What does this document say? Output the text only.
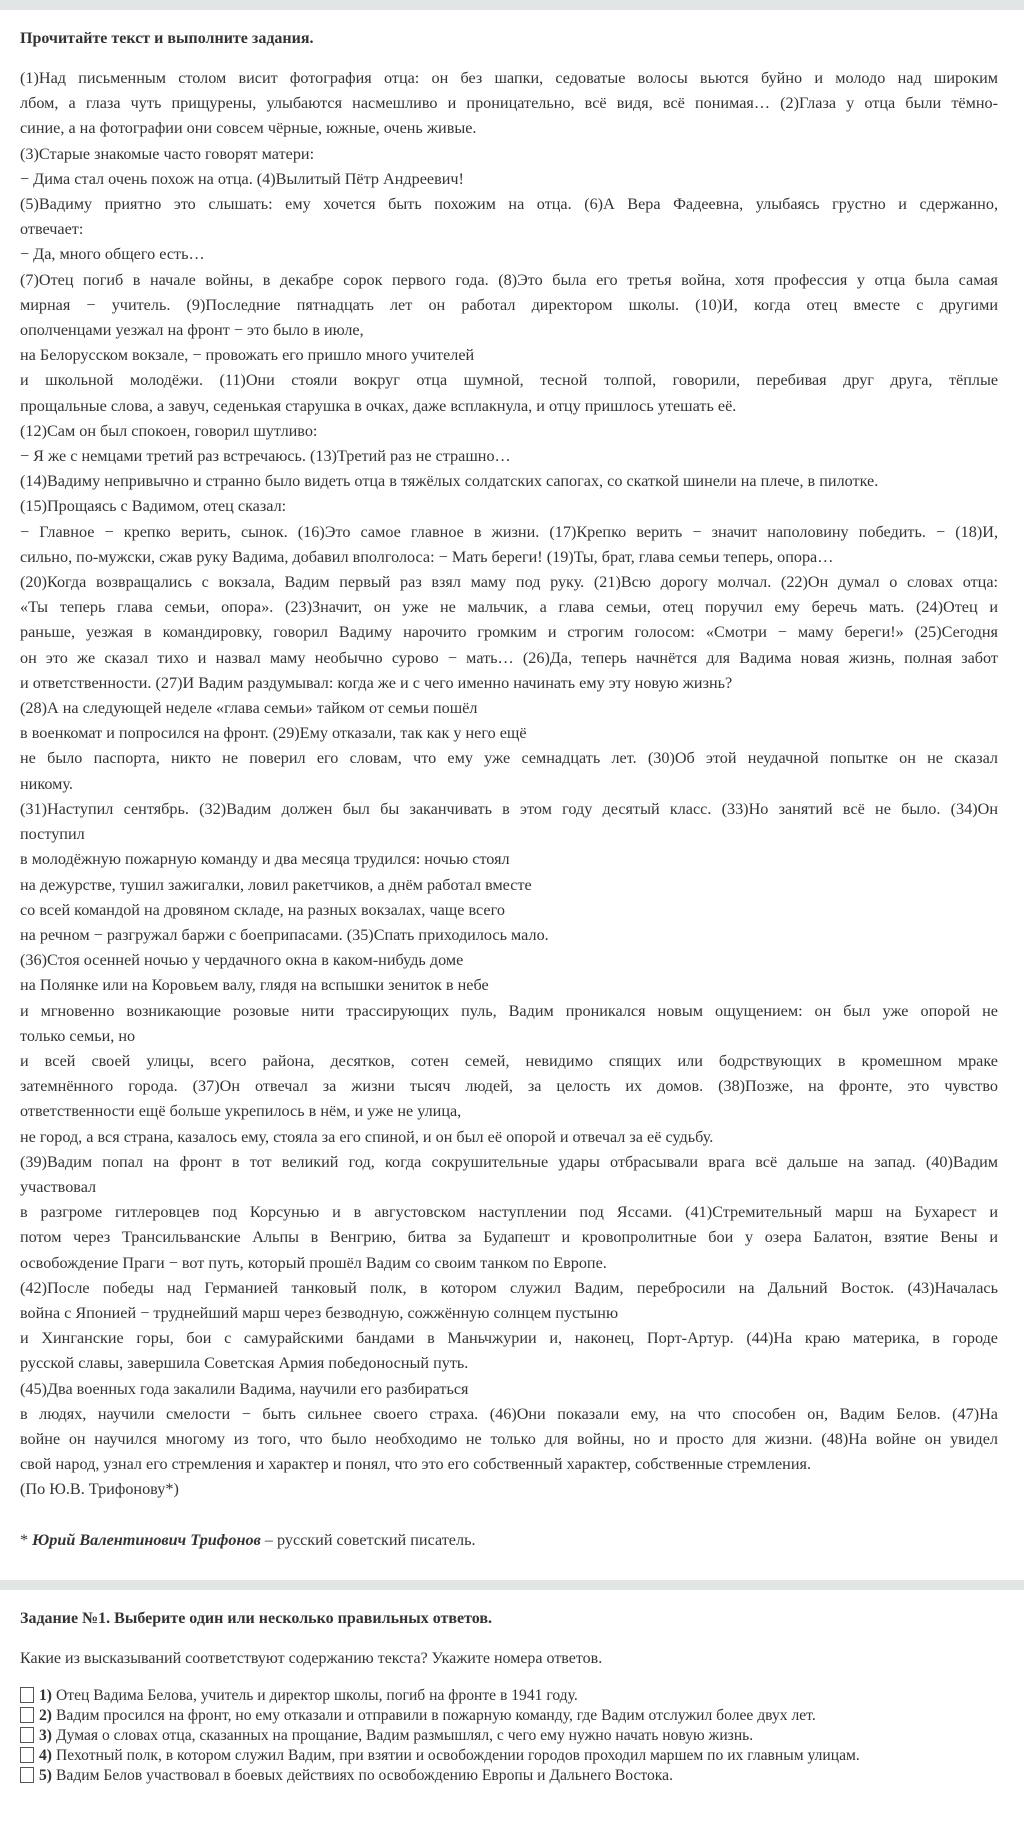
Прочитайте текст и выполните задания.

(1)Над письменным столом висит фотография отца: он без шапки, седоватые волосы вьются буйно и молодо над широким
лбом, а глаза чуть прищурены, улыбаются насмешливо и проницательно, всё видя, всё понимая… (2)Глаза у отца были тёмно-
синие, а на фотографии они совсем чёрные, южные, очень живые.
(3)Старые знакомые часто говорят матери:
− Дима стал очень похож на отца. (4)Вылитый Пётр Андреевич!
(5)Вадиму приятно это слышать: ему хочется быть похожим на отца. (6)А Вера Фадеевна, улыбаясь грустно и сдержанно,
отвечает:
− Да, много общего есть…
(7)Отец погиб в начале войны, в декабре сорок первого года. (8)Это была его третья война, хотя профессия у отца была самая
мирная − учитель. (9)Последние пятнадцать лет он работал директором школы. (10)И, когда отец вместе с другими
ополченцами уезжал на фронт − это было в июле,
на Белорусском вокзале, − провожать его пришло много учителей
и школьной молодёжи. (11)Они стояли вокруг отца шумной, тесной толпой, говорили, перебивая друг друга, тёплые
прощальные слова, а завуч, седенькая старушка в очках, даже всплакнула, и отцу пришлось утешать её.
(12)Сам он был спокоен, говорил шутливо:
− Я же с немцами третий раз встречаюсь. (13)Третий раз не страшно…
(14)Вадиму непривычно и странно было видеть отца в тяжёлых солдатских сапогах, со скаткой шинели на плече, в пилотке.
(15)Прощаясь с Вадимом, отец сказал:
− Главное − крепко верить, сынок. (16)Это самое главное в жизни. (17)Крепко верить − значит наполовину победить. − (18)И,
сильно, по-мужски, сжав руку Вадима, добавил вполголоса: − Мать береги! (19)Ты, брат, глава семьи теперь, опора…
(20)Когда возвращались с вокзала, Вадим первый раз взял маму под руку. (21)Всю дорогу молчал. (22)Он думал о словах отца:
«Ты теперь глава семьи, опора». (23)Значит, он уже не мальчик, а глава семьи, отец поручил ему беречь мать. (24)Отец и
раньше, уезжая в командировку, говорил Вадиму нарочито громким и строгим голосом: «Смотри − маму береги!» (25)Сегодня
он это же сказал тихо и назвал маму необычно сурово − мать… (26)Да, теперь начнётся для Вадима новая жизнь, полная забот
и ответственности. (27)И Вадим раздумывал: когда же и с чего именно начинать ему эту новую жизнь?
(28)А на следующей неделе «глава семьи» тайком от семьи пошёл
в военкомат и попросился на фронт. (29)Ему отказали, так как у него ещё
не было паспорта, никто не поверил его словам, что ему уже семнадцать лет. (30)Об этой неудачной попытке он не сказал
никому.
(31)Наступил сентябрь. (32)Вадим должен был бы заканчивать в этом году десятый класс. (33)Но занятий всё не было. (34)Он
поступил
в молодёжную пожарную команду и два месяца трудился: ночью стоял
на дежурстве, тушил зажигалки, ловил ракетчиков, а днём работал вместе
со всей командой на дровяном складе, на разных вокзалах, чаще всего
на речном − разгружал баржи с боеприпасами. (35)Спать приходилось мало.
(36)Стоя осенней ночью у чердачного окна в каком-нибудь доме
на Полянке или на Коровьем валу, глядя на вспышки зениток в небе
и мгновенно возникающие розовые нити трассирующих пуль, Вадим проникался новым ощущением: он был уже опорой не
только семьи, но
и всей своей улицы, всего района, десятков, сотен семей, невидимо спящих или бодрствующих в кромешном мраке
затемнённого города. (37)Он отвечал за жизни тысяч людей, за целость их домов. (38)Позже, на фронте, это чувство
ответственности ещё больше укрепилось в нём, и уже не улица,
не город, а вся страна, казалось ему, стояла за его спиной, и он был её опорой и отвечал за её судьбу.
(39)Вадим попал на фронт в тот великий год, когда сокрушительные удары отбрасывали врага всё дальше на запад. (40)Вадим
участвовал
в разгроме гитлеровцев под Корсунью и в августовском наступлении под Яссами. (41)Стремительный марш на Бухарест и
потом через Трансильванские Альпы в Венгрию, битва за Будапешт и кровопролитные бои у озера Балатон, взятие Вены и
освобождение Праги − вот путь, который прошёл Вадим со своим танком по Европе.
(42)После победы над Германией танковый полк, в котором служил Вадим, перебросили на Дальний Восток. (43)Началась
война с Японией − труднейший марш через безводную, сожжённую солнцем пустыню
и Хинганские горы, бои с самурайскими бандами в Маньчжурии и, наконец, Порт-Артур. (44)На краю материка, в городе
русской славы, завершила Советская Армия победоносный путь.
(45)Два военных года закалили Вадима, научили его разбираться
в людях, научили смелости − быть сильнее своего страха. (46)Они показали ему, на что способен он, Вадим Белов. (47)На
войне он научился многому из того, что было необходимо не только для войны, но и просто для жизни. (48)На войне он увидел
свой народ, узнал его стремления и характер и понял, что это его собственный характер, собственные стремления.
(По Ю.В. Трифонову*)
* Юрий Валентинович Трифонов – русский советский писатель.

Задание №1. Выберите один или несколько правильных ответов.

Какие из высказываний соответствуют содержанию текста? Укажите номера ответов.

1) Отец Вадима Белова, учитель и директор школы, погиб на фронте в 1941 году.
2) Вадим просился на фронт, но ему отказали и отправили в пожарную команду, где Вадим отслужил более двух лет.
3) Думая о словах отца, сказанных на прощание, Вадим размышлял, с чего ему нужно начать новую жизнь.
4) Пехотный полк, в котором служил Вадим, при взятии и освобождении городов проходил маршем по их главным улицам.
5) Вадим Белов участвовал в боевых действиях по освобождению Европы и Дальнего Востока.
